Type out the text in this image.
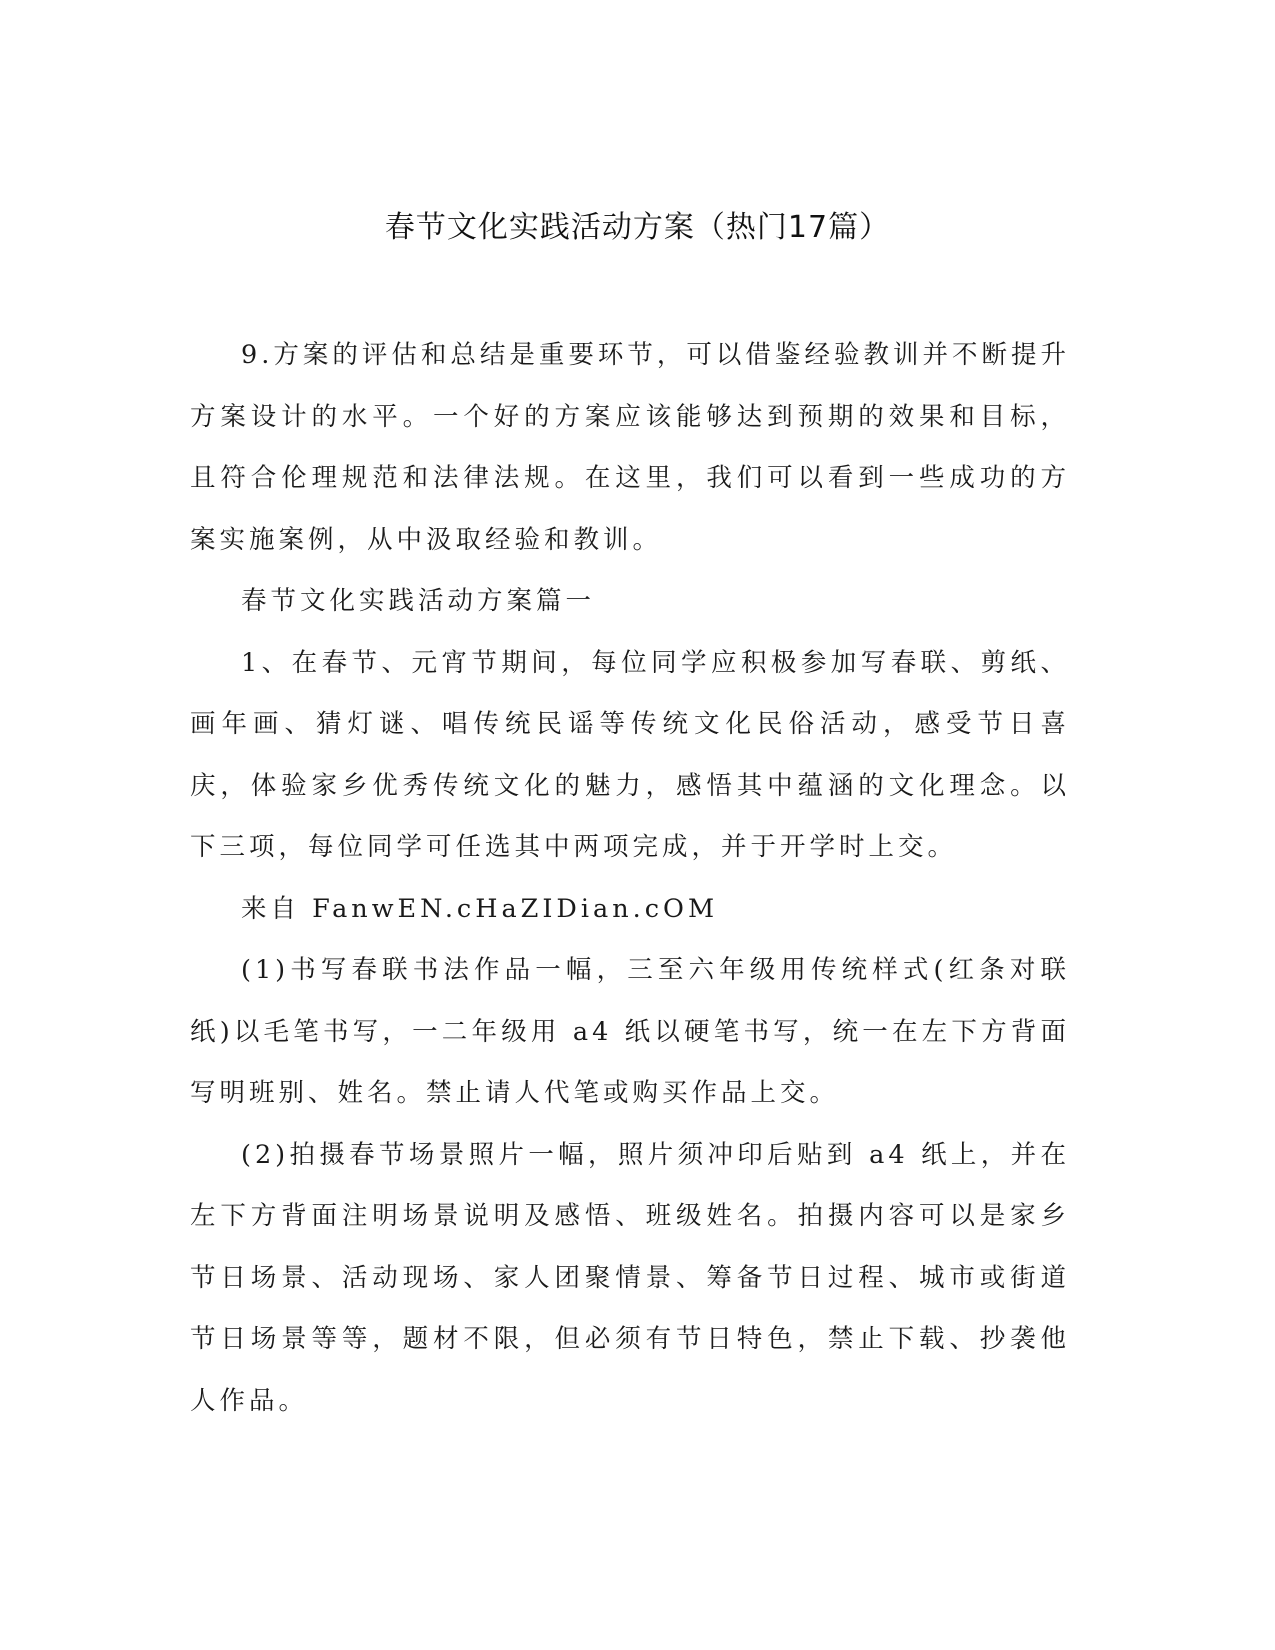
春节文化实践活动方案（热门17篇）

9.方案的评估和总结是重要环节，可以借鉴经验教训并不断提升方案设计的水平。一个好的方案应该能够达到预期的效果和目标，且符合伦理规范和法律法规。在这里，我们可以看到一些成功的方案实施案例，从中汲取经验和教训。

春节文化实践活动方案篇一

1、在春节、元宵节期间，每位同学应积极参加写春联、剪纸、画年画、猜灯谜、唱传统民谣等传统文化民俗活动，感受节日喜庆，体验家乡优秀传统文化的魅力，感悟其中蕴涵的文化理念。以下三项，每位同学可任选其中两项完成，并于开学时上交。

来自 FanwEN.cHaZIDian.cOM

(1)书写春联书法作品一幅，三至六年级用传统样式(红条对联纸)以毛笔书写，一二年级用 a4 纸以硬笔书写，统一在左下方背面写明班别、姓名。禁止请人代笔或购买作品上交。

(2)拍摄春节场景照片一幅，照片须冲印后贴到 a4 纸上，并在左下方背面注明场景说明及感悟、班级姓名。拍摄内容可以是家乡节日场景、活动现场、家人团聚情景、筹备节日过程、城市或街道节日场景等等，题材不限，但必须有节日特色，禁止下载、抄袭他人作品。
